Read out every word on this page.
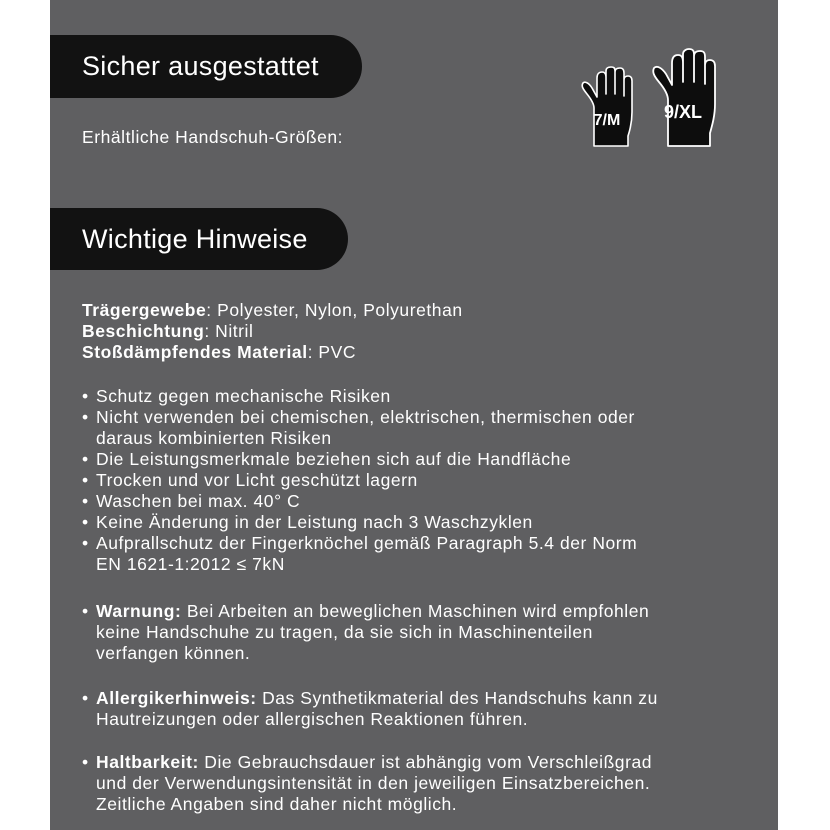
Sicher ausgestattet
Erhältliche Handschuh-Größen:
7/M	9/XL
Wichtige Hinweise
Trägergewebe: Polyester, Nylon, Polyurethan
Beschichtung: Nitril
Stoßdämpfendes Material: PVC
• Schutz gegen mechanische Risiken
• Nicht verwenden bei chemischen, elektrischen, thermischen oder
daraus kombinierten Risiken
• Die Leistungsmerkmale beziehen sich auf die Handfläche
• Trocken und vor Licht geschützt lagern
• Waschen bei max. 40° C
• Keine Änderung in der Leistung nach 3 Waschzyklen
• Aufprallschutz der Fingerknöchel gemäß Paragraph 5.4 der Norm
EN 1621-1:2012 ≤ 7kN
• Warnung: Bei Arbeiten an beweglichen Maschinen wird empfohlen
keine Handschuhe zu tragen, da sie sich in Maschinenteilen
verfangen können.
• Allergikerhinweis: Das Synthetikmaterial des Handschuhs kann zu
Hautreizungen oder allergischen Reaktionen führen.
• Haltbarkeit: Die Gebrauchsdauer ist abhängig vom Verschleißgrad
und der Verwendungsintensität in den jeweiligen Einsatzbereichen.
Zeitliche Angaben sind daher nicht möglich.
